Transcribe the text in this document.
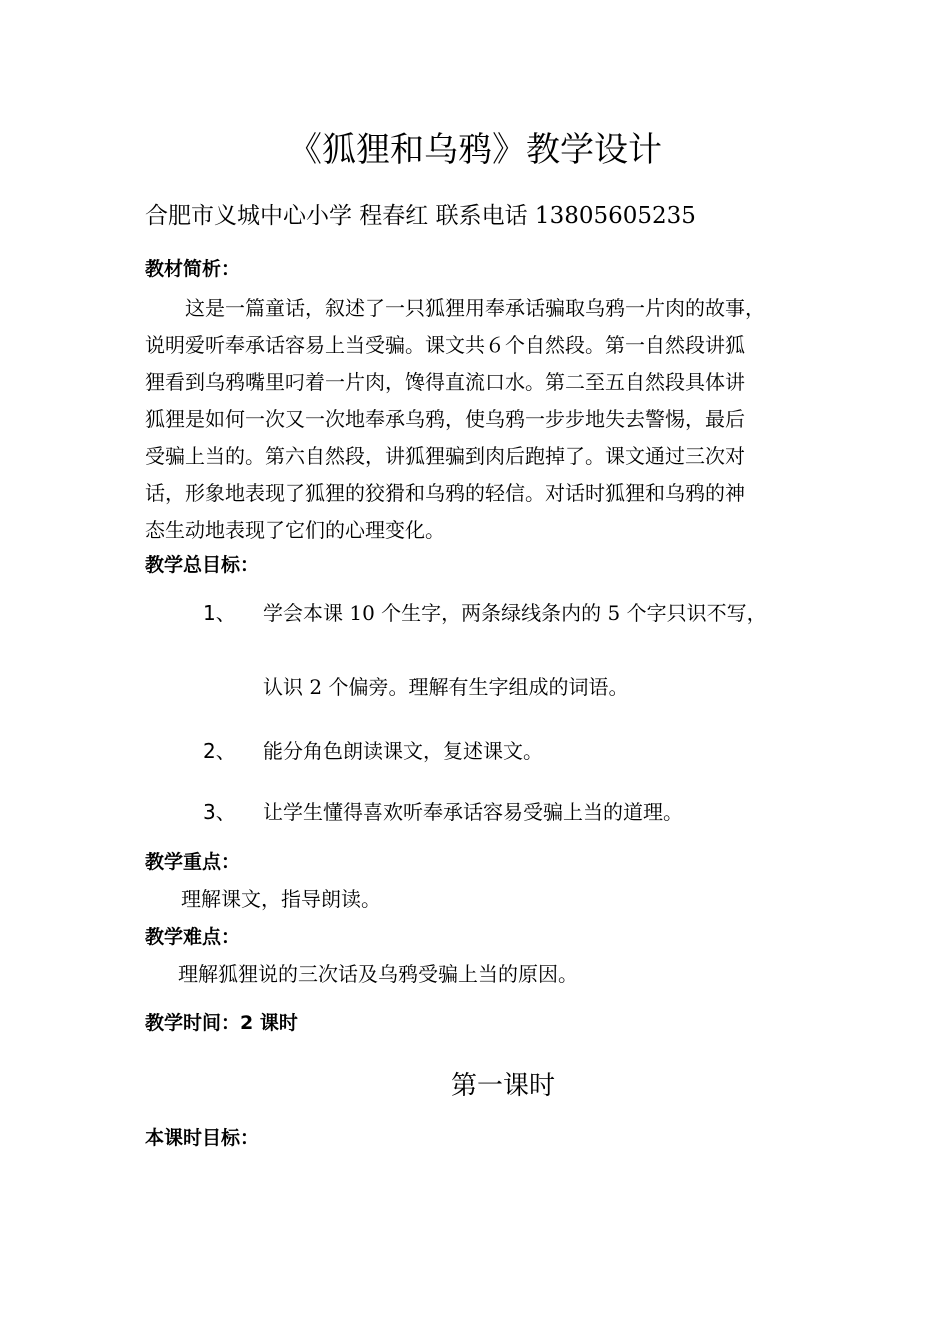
《狐狸和乌鸦》教学设计
合肥市义城中心小学 程春红 联系电话 13805605235
教材简析：
　　这是一篇童话，叙述了一只狐狸用奉承话骗取乌鸦一片肉的故事，
说明爱听奉承话容易上当受骗。课文共６个自然段。第一自然段讲狐
狸看到乌鸦嘴里叼着一片肉，馋得直流口水。第二至五自然段具体讲
狐狸是如何一次又一次地奉承乌鸦，使乌鸦一步步地失去警惕，最后
受骗上当的。第六自然段，讲狐狸骗到肉后跑掉了。课文通过三次对
话，形象地表现了狐狸的狡猾和乌鸦的轻信。对话时狐狸和乌鸦的神
态生动地表现了它们的心理变化。
教学总目标：
1、 学会本课 10 个生字，两条绿线条内的 5 个字只识不写，
认识 2 个偏旁。理解有生字组成的词语。
2、 能分角色朗读课文，复述课文。
3、 让学生懂得喜欢听奉承话容易受骗上当的道理。
教学重点：
理解课文，指导朗读。
教学难点：
理解狐狸说的三次话及乌鸦受骗上当的原因。
教学时间：2 课时
第一课时
本课时目标：
